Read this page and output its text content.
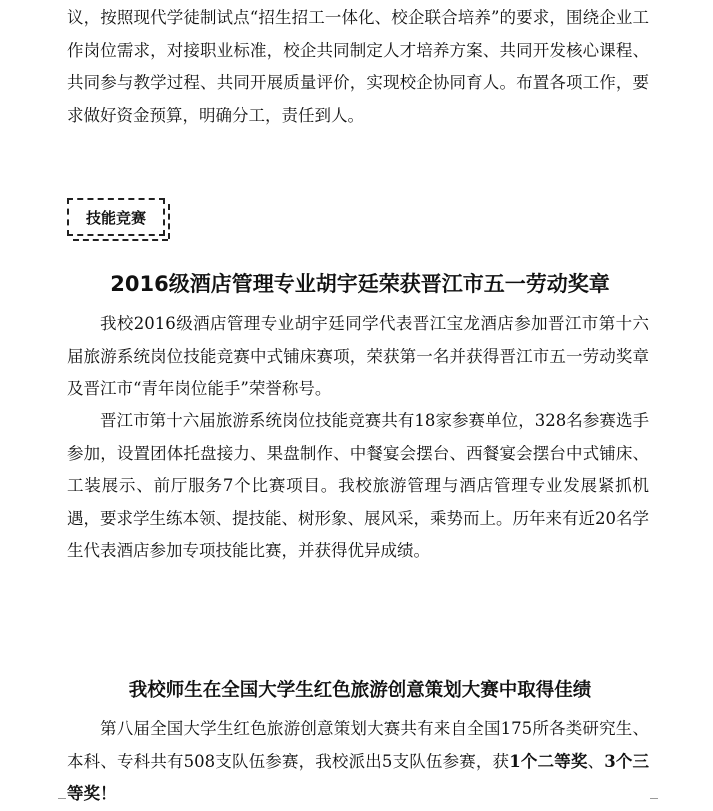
议，按照现代学徒制试点“招生招工一体化、校企联合培养”的要求，围绕企业工作岗位需求，对接职业标准，校企共同制定人才培养方案、共同开发核心课程、共同参与教学过程、共同开展质量评价，实现校企协同育人。布置各项工作，要求做好资金预算，明确分工，责任到人。

技能竞赛
2016级酒店管理专业胡宇廷荣获晋江市五一劳动奖章

我校2016级酒店管理专业胡宇廷同学代表晋江宝龙酒店参加晋江市第十六届旅游系统岗位技能竞赛中式铺床赛项，荣获第一名并获得晋江市五一劳动奖章及晋江市“青年岗位能手”荣誉称号。

晋江市第十六届旅游系统岗位技能竞赛共有18家参赛单位，328名参赛选手参加，设置团体托盘接力、果盘制作、中餐宴会摆台、西餐宴会摆台中式铺床、工装展示、前厅服务7个比赛项目。我校旅游管理与酒店管理专业发展紧抓机遇，要求学生练本领、提技能、树形象、展风采，乘势而上。历年来有近20名学生代表酒店参加专项技能比赛，并获得优异成绩。

我校师生在全国大学生红色旅游创意策划大赛中取得佳绩

第八届全国大学生红色旅游创意策划大赛共有来自全国175所各类研究生、本科、专科共有508支队伍参赛，我校派出5支队伍参赛，获1个二等奖、3个三等奖！
